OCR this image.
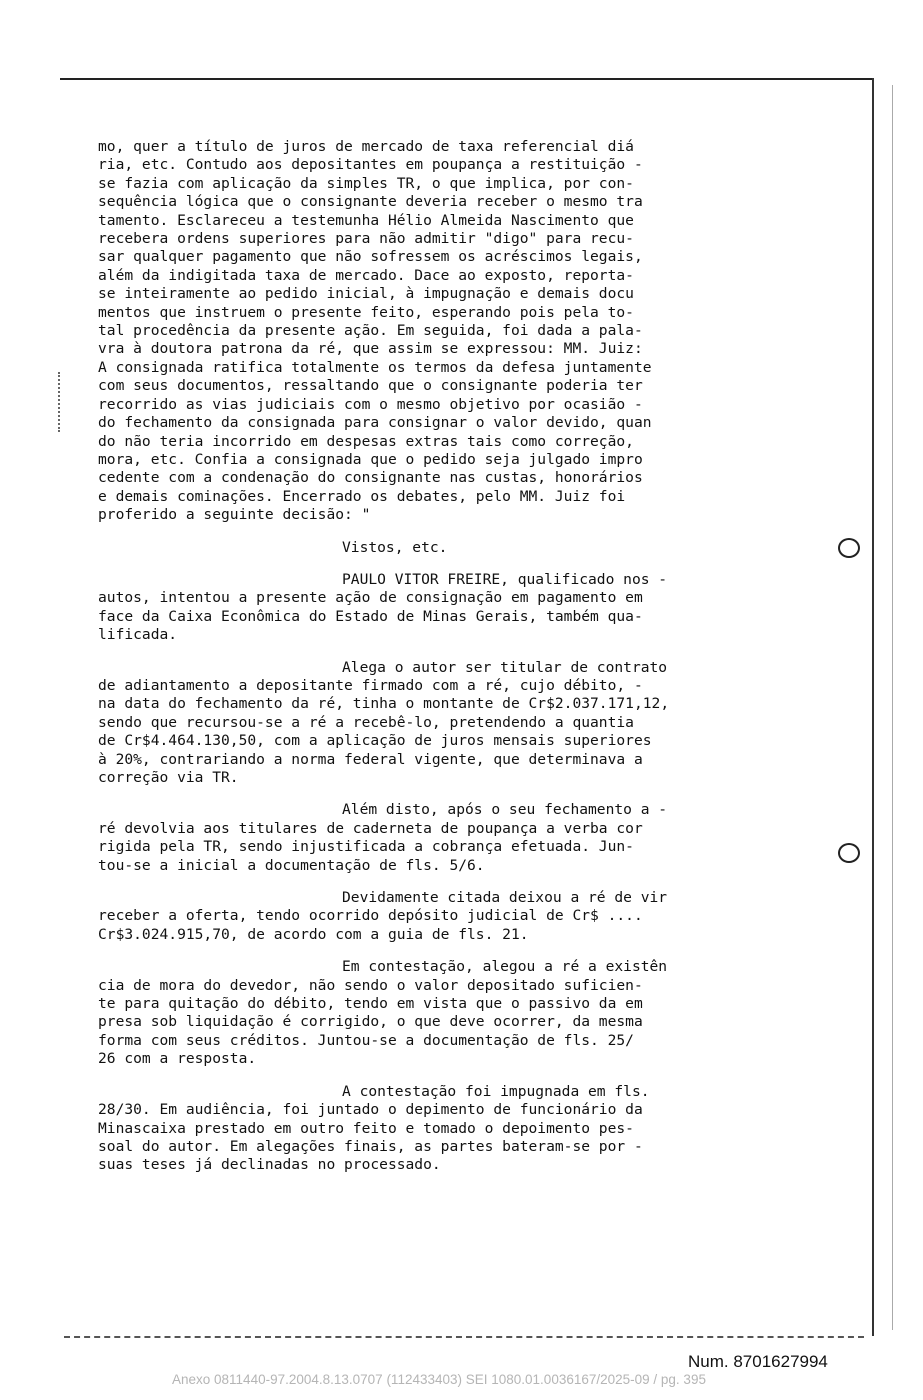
mo, quer a título de juros de mercado de taxa referencial diá
ria, etc. Contudo aos depositantes em poupança a restituição -
se fazia com aplicação da simples TR, o que implica, por con-
sequência lógica que o consignante deveria receber o mesmo tra
tamento. Esclareceu a testemunha Hélio Almeida Nascimento que
recebera ordens superiores para não admitir "digo" para recu-
sar qualquer pagamento que não sofressem os acréscimos legais,
além da indigitada taxa de mercado. Dace ao exposto, reporta-
se inteiramente ao pedido inicial, à impugnação e demais docu
mentos que instruem o presente feito, esperando pois pela to-
tal procedência da presente ação. Em seguida, foi dada a pala-
vra à doutora patrona da ré, que assim se expressou: MM. Juiz:
A consignada ratifica totalmente os termos da defesa juntamente
com seus documentos, ressaltando que o consignante poderia ter
recorrido as vias judiciais com o mesmo objetivo por ocasião -
do fechamento da consignada para consignar o valor devido, quan
do não teria incorrido em despesas extras tais como correção,
mora, etc. Confia a consignada que o pedido seja julgado impro
cedente com a condenação do consignante nas custas, honorários
e demais cominações. Encerrado os debates, pelo MM. Juiz foi
proferido a seguinte decisão: "
Vistos, etc.
PAULO VITOR FREIRE, qualificado nos -
autos, intentou a presente ação de consignação em pagamento em
face da Caixa Econômica do Estado de Minas Gerais, também qua-
lificada.
Alega o autor ser titular de contrato
de adiantamento a depositante firmado com a ré, cujo débito, -
na data do fechamento da ré, tinha o montante de Cr$2.037.171,12,
sendo que recursou-se a ré a recebê-lo, pretendendo a quantia
de Cr$4.464.130,50, com a aplicação de juros mensais superiores
à 20%, contrariando a norma federal vigente, que determinava a
correção via TR.
Além disto, após o seu fechamento a -
ré devolvia aos titulares de caderneta de poupança a verba cor
rigida pela TR, sendo injustificada a cobrança efetuada. Jun-
tou-se a inicial a documentação de fls. 5/6.
Devidamente citada deixou a ré de vir
receber a oferta, tendo ocorrido depósito judicial de Cr$ ....
Cr$3.024.915,70, de acordo com a guia de fls. 21.
Em contestação, alegou a ré a existên
cia de mora do devedor, não sendo o valor depositado suficien-
te para quitação do débito, tendo em vista que o passivo da em
presa sob liquidação é corrigido, o que deve ocorrer, da mesma
forma com seus créditos. Juntou-se a documentação de fls. 25/
26 com a resposta.
A contestação foi impugnada em fls.
28/30. Em audiência, foi juntado o depimento de funcionário da
Minascaixa prestado em outro feito e tomado o depoimento pes-
soal do autor. Em alegações finais, as partes bateram-se por -
suas teses já declinadas no processado.
Num. 8701627994
Anexo 0811440-97.2004.8.13.0707 (112433403) SEI 1080.01.0036167/2025-09 / pg. 395
